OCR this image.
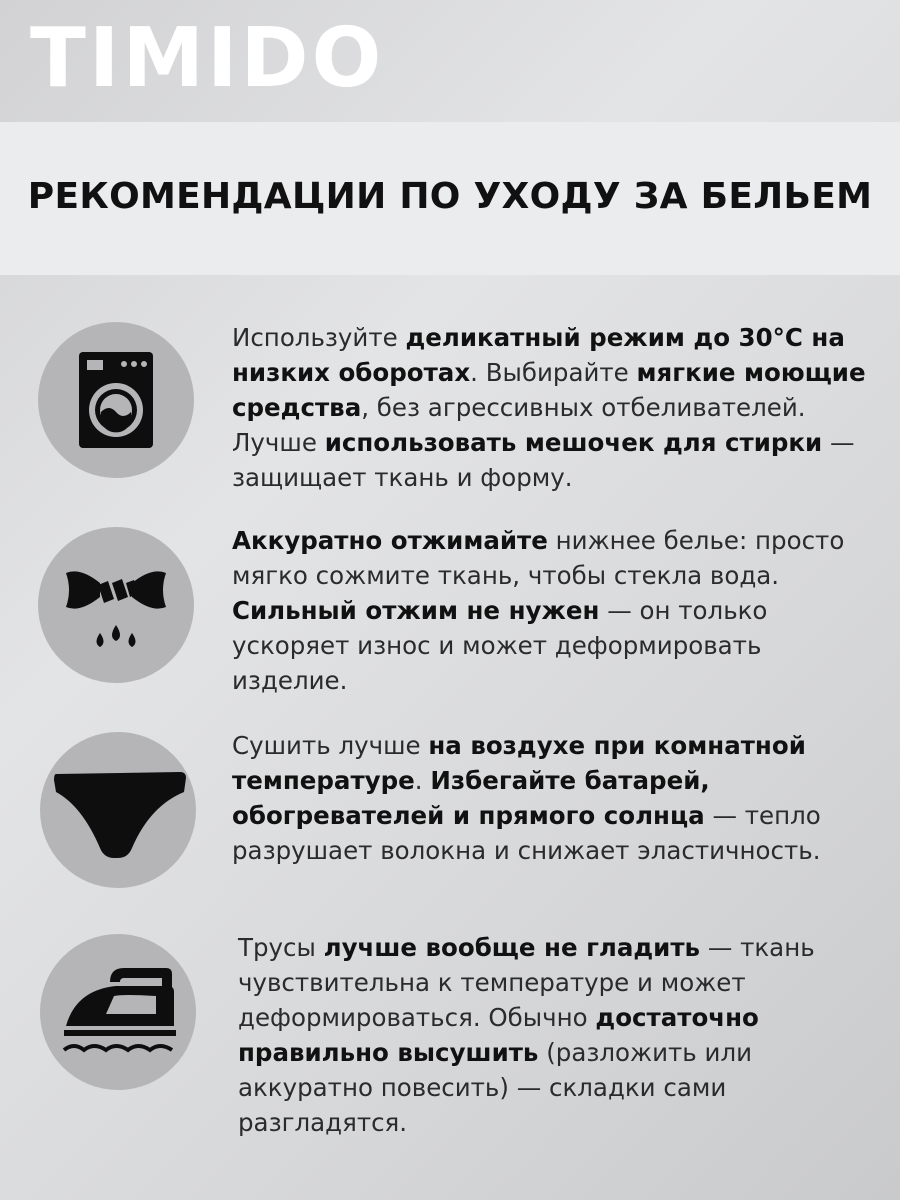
TIMIDO
РЕКОМЕНДАЦИИ ПО УХОДУ ЗА БЕЛЬЕМ

Используйте деликатный режим до 30°C на низких оборотах. Выбирайте мягкие моющие средства, без агрессивных отбеливателей. Лучше использовать мешочек для стирки — защищает ткань и форму.

Аккуратно отжимайте нижнее белье: просто мягко сожмите ткань, чтобы стекла вода. Сильный отжим не нужен — он только ускоряет износ и может деформировать изделие.

Сушить лучше на воздухе при комнатной температуре. Избегайте батарей, обогревателей и прямого солнца — тепло разрушает волокна и снижает эластичность.

Трусы лучше вообще не гладить — ткань чувствительна к температуре и может деформироваться. Обычно достаточно правильно высушить (разложить или аккуратно повесить) — складки сами разгладятся.
